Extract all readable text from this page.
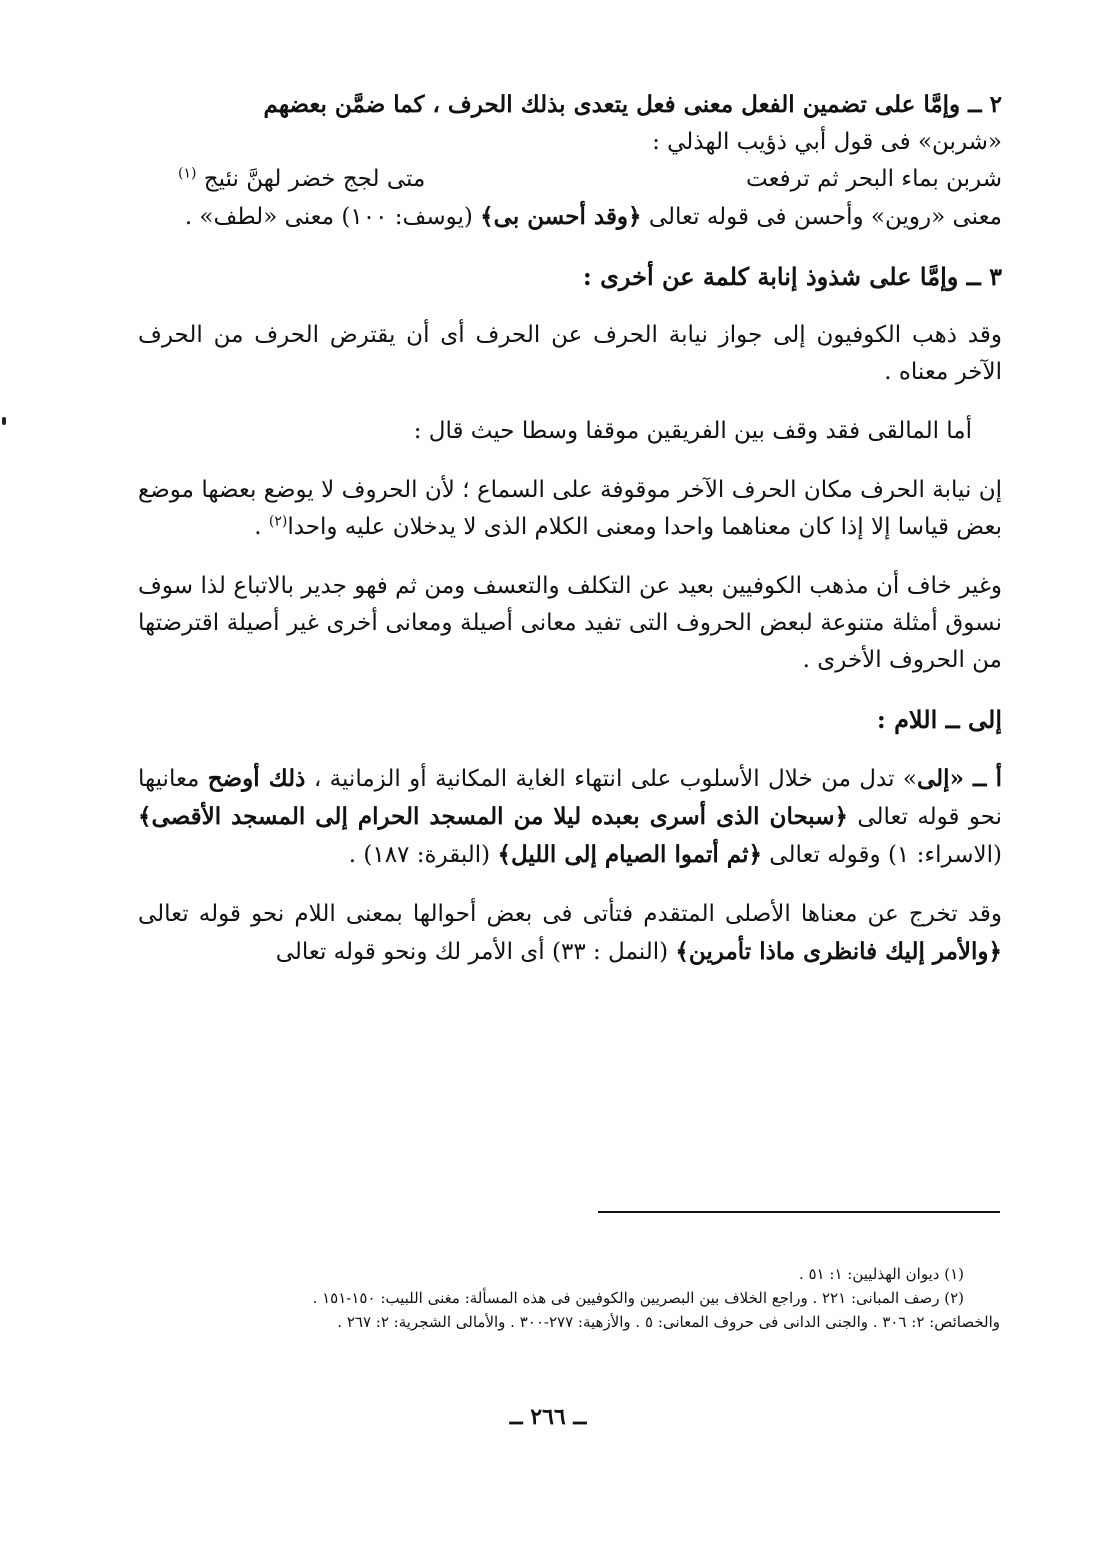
٢ ــ وإمَّا على تضمين الفعل معنى فعل يتعدى بذلك الحرف ، كما ضمَّن بعضهم
«شربن» فى قول أبي ذؤيب الهذلي :

شربن بماء البحر ثم ترفعت
متى لجج خضر لهنَّ نئيج $^{(١)}$

معنى «روين» وأحسن فى قوله تعالى ﴿وقد أحسن بى﴾ (يوسف: ١٠٠) معنى «لطف» .

٣ ــ وإمَّا على شذوذ إنابة كلمة عن أخرى :

وقد ذهب الكوفيون إلى جواز نيابة الحرف عن الحرف أى أن يقترض الحرف من الحرف الآخر معناه .

أما المالقى فقد وقف بين الفريقين موقفا وسطا حيث قال :

إن نيابة الحرف مكان الحرف الآخر موقوفة على السماع ؛ لأن الحروف لا يوضع بعضها موضع بعض قياسا إلا إذا كان معناهما واحدا ومعنى الكلام الذى لا يدخلان عليه واحدا$^{(٢)}$ .

وغير خاف أن مذهب الكوفيين بعيد عن التكلف والتعسف ومن ثم فهو جدير بالاتباع لذا سوف نسوق أمثلة متنوعة لبعض الحروف التى تفيد معانى أصيلة ومعانى أخرى غير أصيلة اقترضتها من الحروف الأخرى .

إلى ــ اللام :

أ ــ «إلى» تدل من خلال الأسلوب على انتهاء الغاية المكانية أو الزمانية ، ذلك أوضح معانيها نحو قوله تعالى ﴿سبحان الذى أسرى بعبده ليلا من المسجد الحرام إلى المسجد الأقصى﴾ (الاسراء: ١) وقوله تعالى ﴿ثم أتموا الصيام إلى الليل﴾ (البقرة: ١٨٧) .

وقد تخرج عن معناها الأصلى المتقدم فتأتى فى بعض أحوالها بمعنى اللام نحو قوله تعالى ﴿والأمر إليك فانظرى ماذا تأمرين﴾ (النمل : ٣٣) أى الأمر لك ونحو قوله تعالى

(١) ديوان الهذليين: ١: ٥١ .

(٢) رصف المبانى: ٢٢١ . وراجع الخلاف بين البصريين والكوفيين فى هذه المسألة: مغنى اللبيب: ١٥٠-١٥١ .

والخصائص: ٢: ٣٠٦ . والجنى الدانى فى حروف المعانى: ٥ . والأزهية: ٢٧٧-٣٠٠ . والأمالى الشجرية: ٢: ٢٦٧ .

ــ ٢٦٦ ــ
